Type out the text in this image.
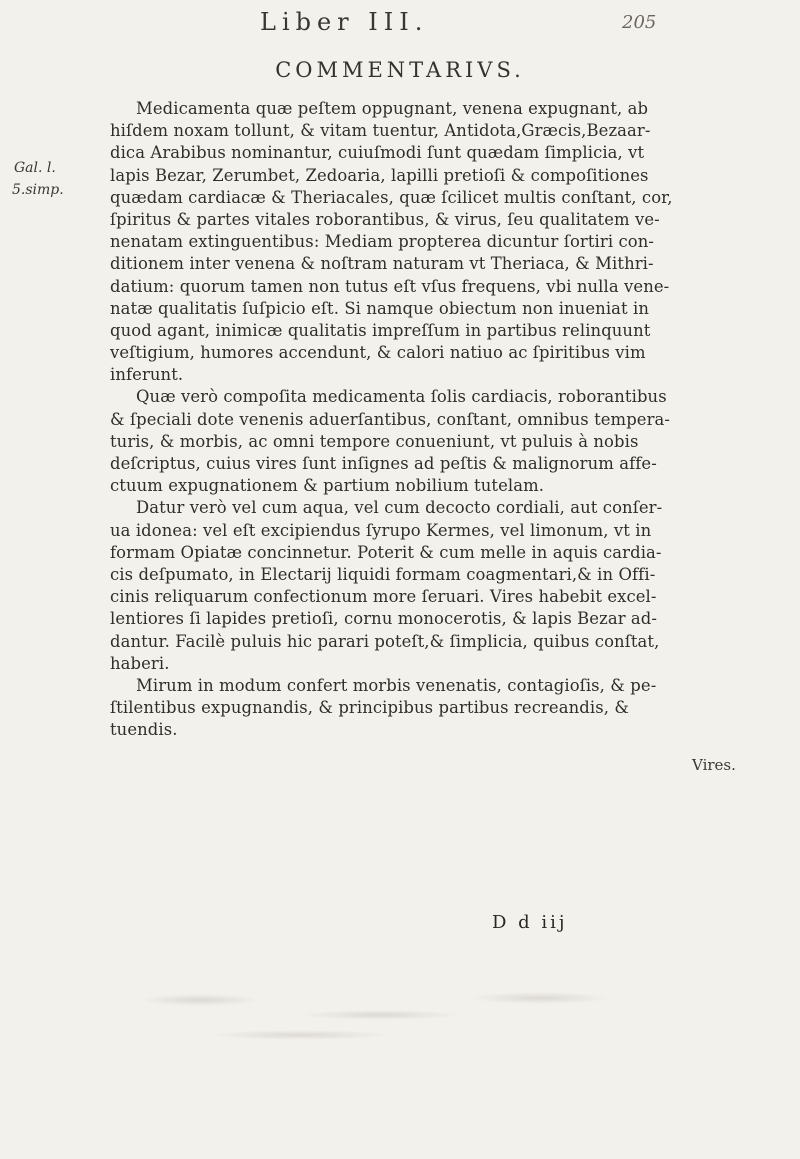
Liber III.	205
COMMENTARIVS.
Gal. l.
5.simp.
Vires.
Medicamenta quæ peſtem oppugnant, venena expugnant, ab
hiſdem noxam tollunt, & vitam tuentur, Antidota,Græcis,Bezaar-
dica Arabibus nominantur, cuiuſmodi ſunt quædam ſimplicia, vt
lapis Bezar, Zerumbet, Zedoaria, lapilli pretioſi & compoſitiones
quædam cardiacæ & Theriacales, quæ ſcilicet multis conſtant, cor,
ſpiritus & partes vitales roborantibus, & virus, ſeu qualitatem ve-
nenatam extinguentibus: Mediam propterea dicuntur ſortiri con-
ditionem inter venena & noſtram naturam vt Theriaca, & Mithri-
datium: quorum tamen non tutus eſt vſus frequens, vbi nulla vene-
natæ qualitatis ſuſpicio eſt. Si namque obiectum non inueniat in
quod agant, inimicæ qualitatis impreſſum in partibus relinquunt
veſtigium, humores accendunt, & calori natiuo ac ſpiritibus vim
inferunt.
Quæ verò compoſita medicamenta ſolis cardiacis, roborantibus
& ſpeciali dote venenis aduerſantibus, conſtant, omnibus tempera-
turis, & morbis, ac omni tempore conueniunt, vt puluis à nobis
deſcriptus, cuius vires ſunt inſignes ad peſtis & malignorum affe-
ctuum expugnationem & partium nobilium tutelam.
Datur verò vel cum aqua, vel cum decocto cordiali, aut conſer-
ua idonea: vel eſt excipiendus ſyrupo Kermes, vel limonum, vt in
formam Opiatæ concinnetur. Poterit & cum melle in aquis cardia-
cis deſpumato, in Electarij liquidi formam coagmentari,& in Offi-
cinis reliquarum confectionum more ſeruari. Vires habebit excel-
lentiores ſi lapides pretioſi, cornu monocerotis, & lapis Bezar ad-
dantur. Facilè puluis hic parari poteſt,& ſimplicia, quibus conſtat,
haberi.
Mirum in modum confert morbis venenatis, contagioſis, & pe-
ſtilentibus expugnandis, & principibus partibus recreandis, &
tuendis.
D d iij
